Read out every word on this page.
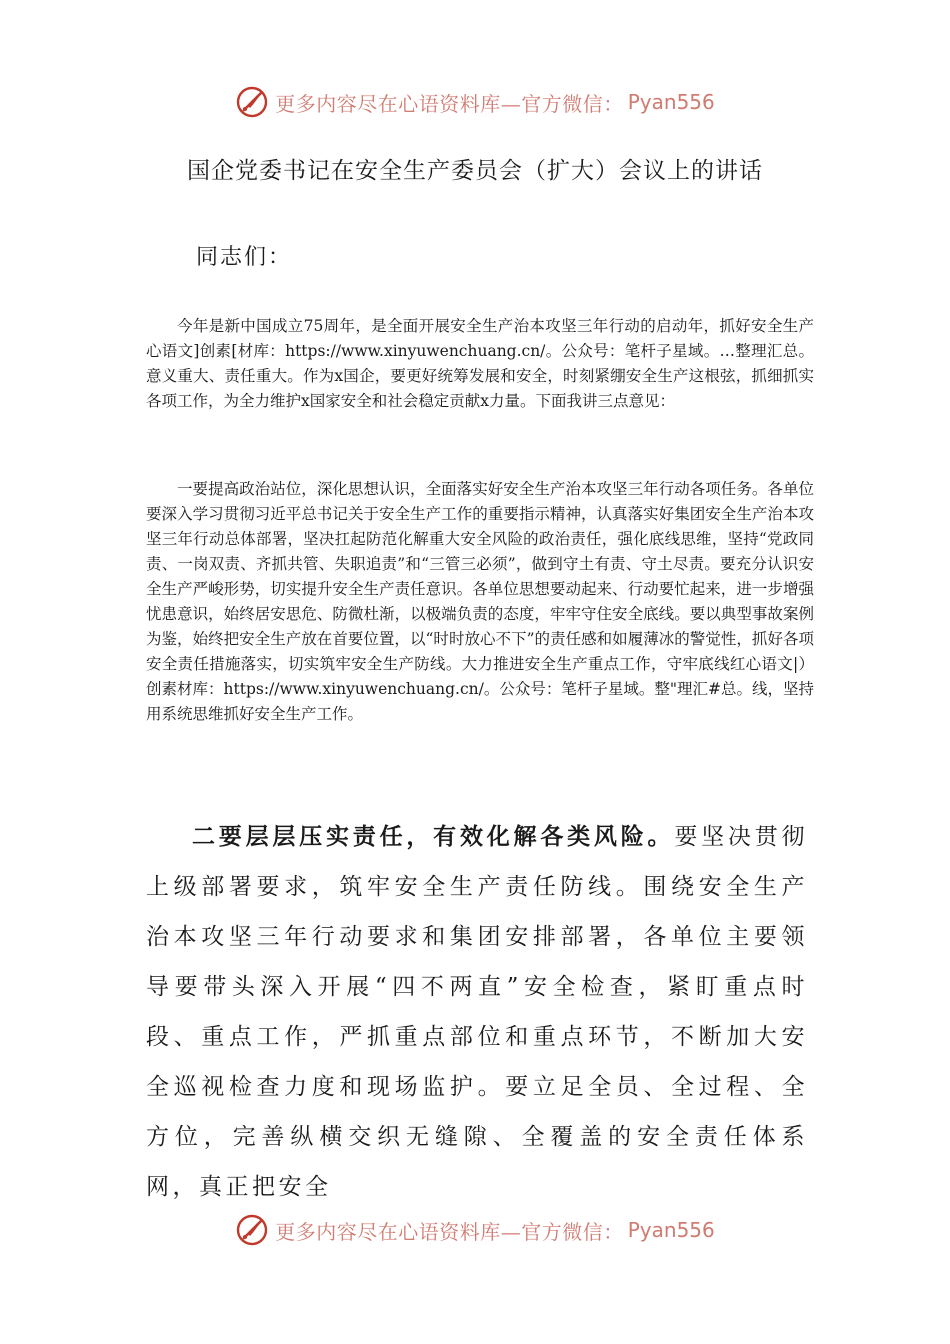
更多内容尽在心语资料库—官方微信： Pyan556
国企党委书记在安全生产委员会（扩大）会议上的讲话
同志们：

今年是新中国成立75周年，是全面开展安全生产治本攻坚三年行动的启动年，抓好安全生产心语文]创素[材库：https://www.xinyuwenchuang.cn/。公众号：笔杆子星域。…整理汇总。意义重大、责任重大。作为x国企，要更好统筹发展和安全，时刻紧绷安全生产这根弦，抓细抓实各项工作，为全力维护x国家安全和社会稳定贡献x力量。下面我讲三点意见：

一要提高政治站位，深化思想认识，全面落实好安全生产治本攻坚三年行动各项任务。各单位要深入学习贯彻习近平总书记关于安全生产工作的重要指示精神，认真落实好集团安全生产治本攻坚三年行动总体部署，坚决扛起防范化解重大安全风险的政治责任，强化底线思维，坚持“党政同责、一岗双责、齐抓共管、失职追责”和“三管三必须”，做到守土有责、守土尽责。要充分认识安全生产严峻形势，切实提升安全生产责任意识。各单位思想要动起来、行动要忙起来，进一步增强忧患意识，始终居安思危、防微杜渐，以极端负责的态度，牢牢守住安全底线。要以典型事故案例为鉴，始终把安全生产放在首要位置，以“时时放心不下”的责任感和如履薄冰的警觉性，抓好各项安全责任措施落实，切实筑牢安全生产防线。大力推进安全生产重点工作，守牢底线红心语文|）创素材库：https://www.xinyuwenchuang.cn/。公众号：笔杆子星域。整"理汇#总。线，坚持用系统思维抓好安全生产工作。

二要层层压实责任，有效化解各类风险。要坚决贯彻上级部署要求，筑牢安全生产责任防线。围绕安全生产治本攻坚三年行动要求和集团安排部署，各单位主要领导要带头深入开展“四不两直”安全检查，紧盯重点时段、重点工作，严抓重点部位和重点环节，不断加大安全巡视检查力度和现场监护。要立足全员、全过程、全方位，完善纵横交织无缝隙、全覆盖的安全责任体系网，真正把安全

更多内容尽在心语资料库—官方微信： Pyan556
